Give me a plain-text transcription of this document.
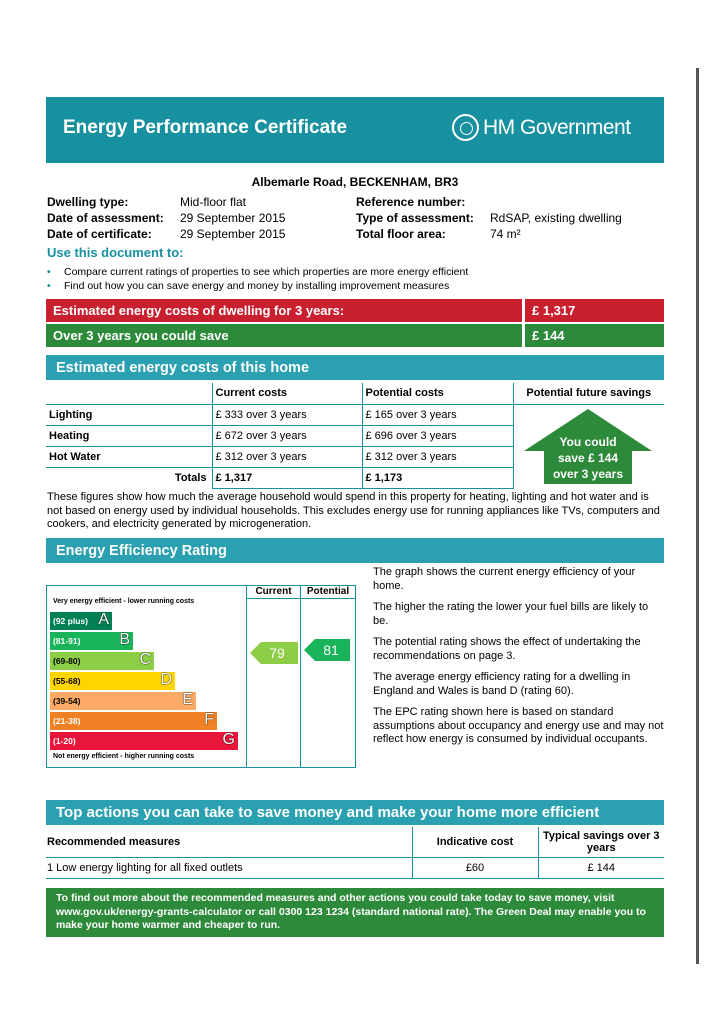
Energy Performance Certificate	HM Government
Albemarle Road, BECKENHAM, BR3
Dwelling type:	Mid-floor flat
Date of assessment: 29 September 2015
Date of certificate: 29 September 2015
Reference number:
Type of assessment: RdSAP, existing dwelling
Total floor area:	74 m²
Use this document to:
• Compare current ratings of properties to see which properties are more energy efficient
• Find out how you can save energy and money by installing improvement measures
Estimated energy costs of dwelling for 3 years:	£ 1,317
Over 3 years you could save	£ 144
Estimated energy costs of this home
	Current costs	Potential costs	Potential future savings
Lighting	£ 333 over 3 years	£ 165 over 3 years	
Heating	£ 672 over 3 years	£ 696 over 3 years	
Hot Water	£ 312 over 3 years	£ 312 over 3 years	
Totals	£ 1,317	£ 1,173	
You could
save £ 144
over 3 years
These figures show how much the average household would spend in this property for heating, lighting and hot water and is not based on energy used by individual households. This excludes energy use for running appliances like TVs, computers and cookers, and electricity generated by microgeneration.
Energy Efficiency Rating
Current	Potential
Very energy efficient - lower running costs
Not energy efficient - higher running costs
(92 plus) A
(81-91) B
(69-80)	C
(55-68)	D
(39-54)	E
(21-38)	F
(1-20)	G
79	81

The graph shows the current energy efficiency of your home.

The higher the rating the lower your fuel bills are likely to be.

The potential rating shows the effect of undertaking the recommendations on page 3.

The average energy efficiency rating for a dwelling in England and Wales is band D (rating 60).

The EPC rating shown here is based on standard assumptions about occupancy and energy use and may not reflect how energy is consumed by individual occupants.

Top actions you can take to save money and make your home more efficient
Recommended measures	Indicative cost	Typical savings over 3 years
1 Low energy lighting for all fixed outlets	£60	£ 144
To find out more about the recommended measures and other actions you could take today to save money, visit www.gov.uk/energy-grants-calculator or call 0300 123 1234 (standard national rate). The Green Deal may enable you to make your home warmer and cheaper to run.
